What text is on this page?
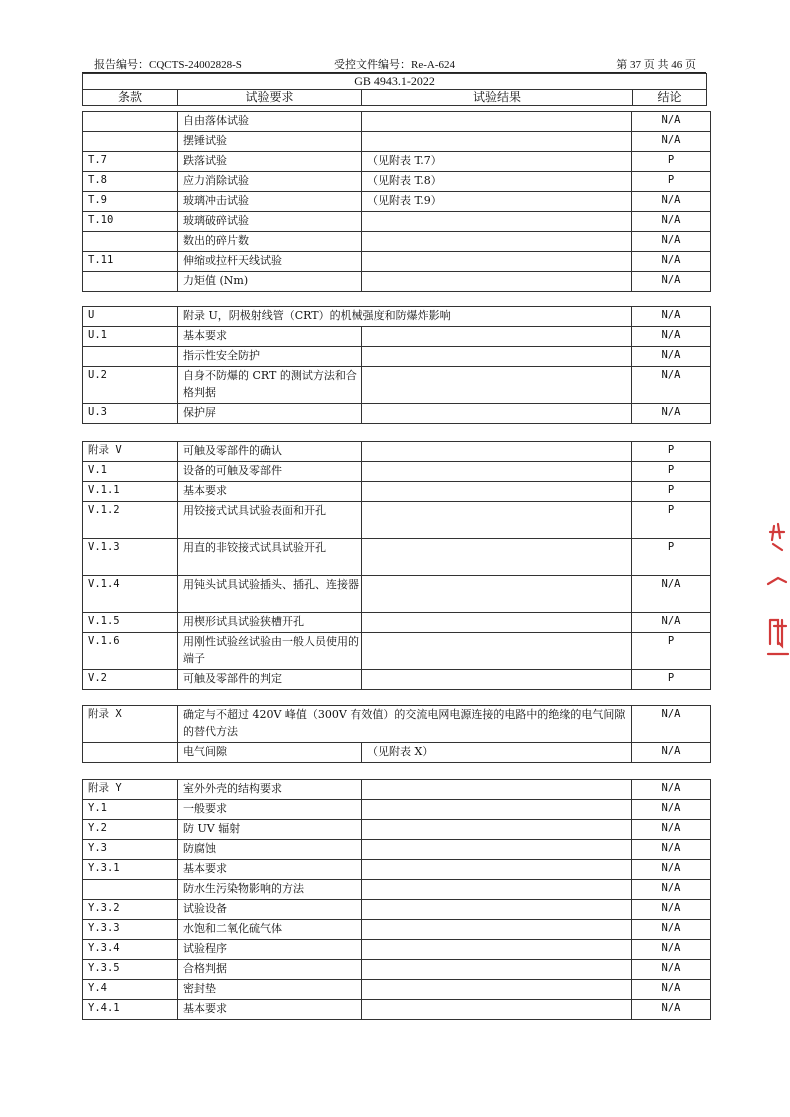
报告编号：CQCTS-24002828-S	受控文件编号：Re-A-624	第 37 页 共 46 页
GB 4943.1-2022
条款	试验要求	试验结果	结论
	自由落体试验		N/A
	摆锤试验		N/A
T.7	跌落试验	（见附表 T.7）	P
T.8	应力消除试验	（见附表 T.8）	P
T.9	玻璃冲击试验	（见附表 T.9）	N/A
T.10	玻璃破碎试验		N/A
	数出的碎片数		N/A
T.11	伸缩或拉杆天线试验		N/A
	力矩值 (Nm)		N/A
U	附录 U，阴极射线管（CRT）的机械强度和防爆炸影响		N/A
U.1	基本要求		N/A
	指示性安全防护		N/A
U.2	自身不防爆的 CRT 的测试方法和合格判据		N/A
U.3	保护屏		N/A
附录 V	可触及零部件的确认		P
V.1	设备的可触及零部件		P
V.1.1	基本要求		P
V.1.2	用铰接式试具试验表面和开孔		P
V.1.3	用直的非铰接式试具试验开孔		P
V.1.4	用钝头试具试验插头、插孔、连接器		N/A
V.1.5	用楔形试具试验狭槽开孔		N/A
V.1.6	用刚性试验丝试验由一般人员使用的端子		P
V.2	可触及零部件的判定		P
附录 X	确定与不超过 420V 峰值（300V 有效值）的交流电网电源连接的电路中的绝缘的电气间隙的替代方法		N/A
	电气间隙	（见附表 X）	N/A
附录 Y	室外外壳的结构要求		N/A
Y.1	一般要求		N/A
Y.2	防 UV 辐射		N/A
Y.3	防腐蚀		N/A
Y.3.1	基本要求		N/A
	防水生污染物影响的方法		N/A
Y.3.2	试验设备		N/A
Y.3.3	水饱和二氧化硫气体		N/A
Y.3.4	试验程序		N/A
Y.3.5	合格判据		N/A
Y.4	密封垫		N/A
Y.4.1	基本要求		N/A
